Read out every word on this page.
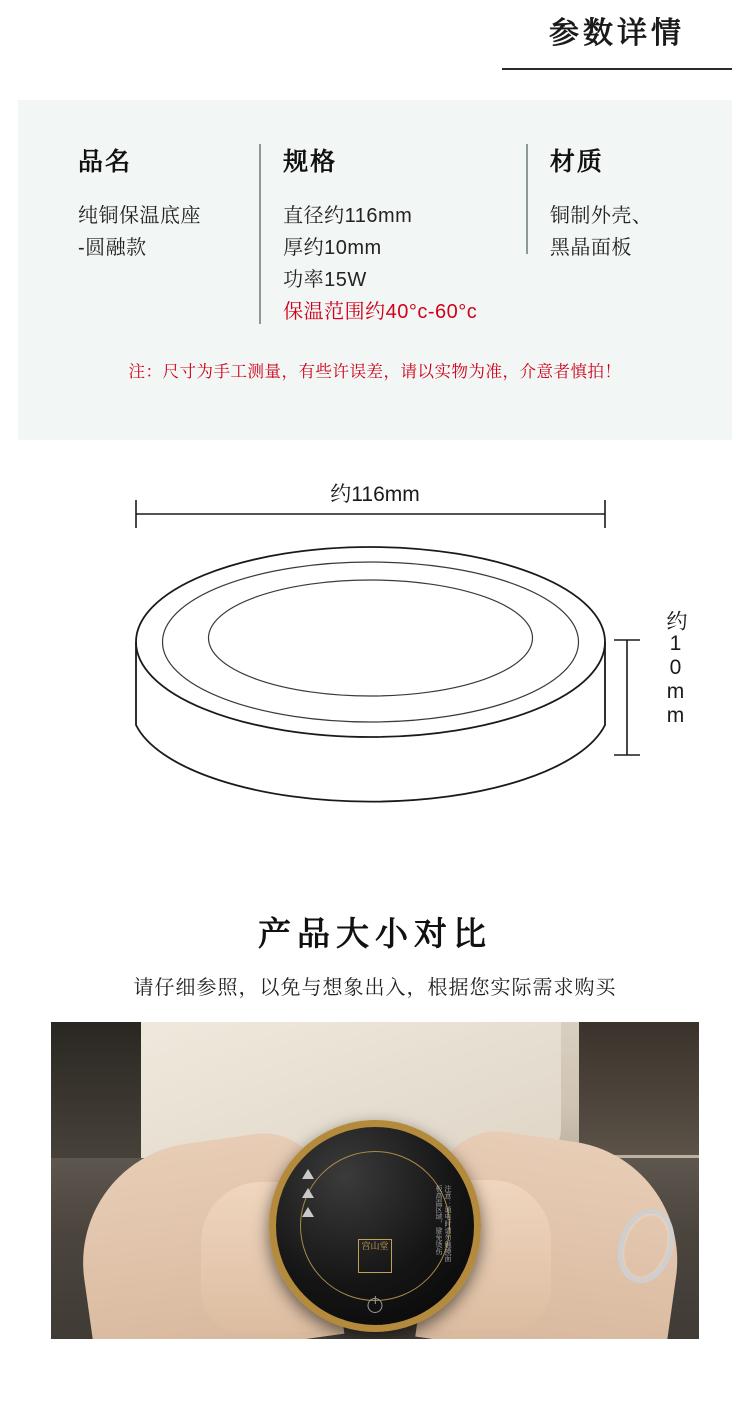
参数详情
品名
纯铜保温底座
-圆融款
规格
直径约116mm
厚约10mm
功率15W
保温范围约40°c-60°c
材质
铜制外壳、
黑晶面板
注：尺寸为手工测量，有些许误差，请以实物为准，介意者慎拍！
约116mm
约10mm
产品大小对比
请仔细参照，以免与想象出入，根据您实际需求购买
注意：通电时请勿触摸面板高温区域，避免烫伤
宫山堂
